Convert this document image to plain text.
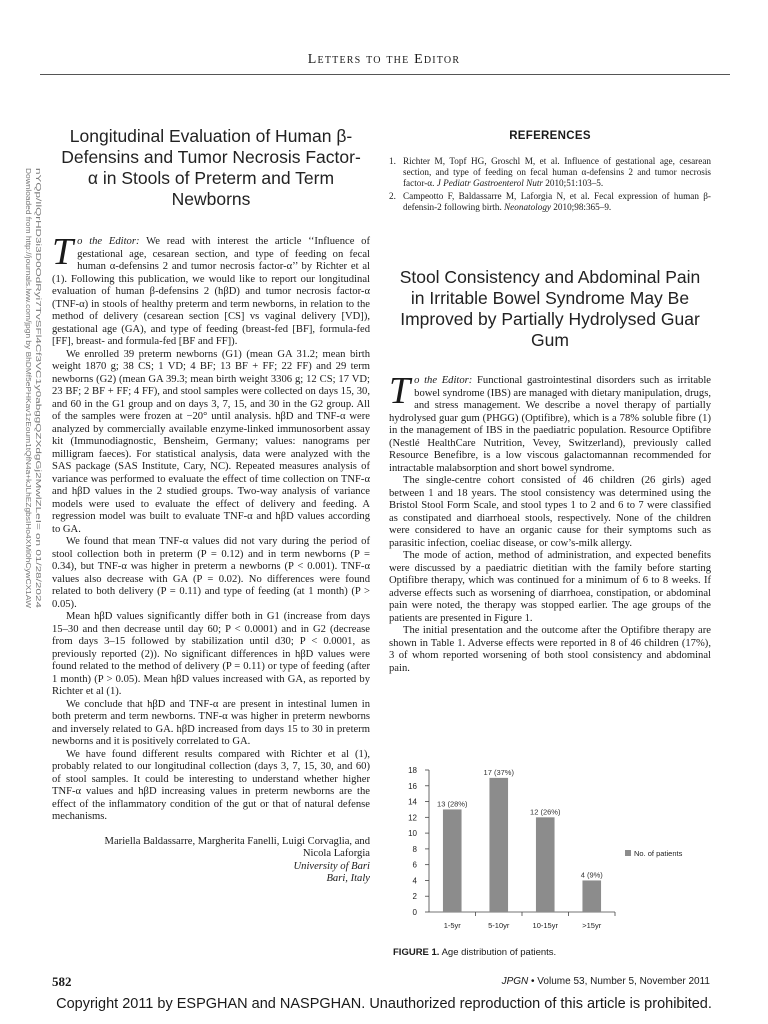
Letters to the Editor
Downloaded from http://journals.lww.com/jpgn by BhDMf5ePHKav1zEoum1tQfN4a+kJLhEZgbsIHo4XMi0hCywCX1AW nYQp/IlQrHD3i3D0OdRyi7TvSFl4Cf3VC1y0abggQZXdgGj2MwlZLeI= on 01/28/2024
Longitudinal Evaluation of Human β-Defensins and Tumor Necrosis Factor-α in Stools of Preterm and Term Newborns

To the Editor: We read with interest the article ‘‘Influence of gestational age, cesarean section, and type of feeding on fecal human α-defensins 2 and tumor necrosis factor-α’’ by Richter et al (1). Following this publication, we would like to report our longitudinal evaluation of human β-defensins 2 (hβD) and tumor necrosis factor-α (TNF-α) in stools of healthy preterm and term newborns, in relation to the method of delivery (cesarean section [CS] vs vaginal delivery [VD]), gestational age (GA), and type of feeding (breast-fed [BF], formula-fed [FF], breast- and formula-fed [BF and FF]).

We enrolled 39 preterm newborns (G1) (mean GA 31.2; mean birth weight 1870 g; 38 CS; 1 VD; 4 BF; 13 BF + FF; 22 FF) and 29 term newborns (G2) (mean GA 39.3; mean birth weight 3306 g; 12 CS; 17 VD; 23 BF; 2 BF + FF; 4 FF), and stool samples were collected on days 15, 30, and 60 in the G1 group and on days 3, 7, 15, and 30 in the G2 group. All of the samples were frozen at −20° until analysis. hβD and TNF-α were analyzed by commercially available enzyme-linked immunosorbent assay kit (Immunodiagnostic, Bensheim, Germany; values: nanograms per milligram faeces). For statistical analysis, data were analyzed with the SAS package (SAS Institute, Cary, NC). Repeated measures analysis of variance was performed to evaluate the effect of time collection on TNF-α and hβD values in the 2 studied groups. Two-way analysis of variance models were used to evaluate the effect of delivery and feeding. A regression model was built to evaluate TNF-α and hβD values according to GA.

We found that mean TNF-α values did not vary during the period of stool collection both in preterm (P = 0.12) and in term newborns (P = 0.34), but TNF-α was higher in preterm a newborns (P < 0.001). TNF-α values also decrease with GA (P = 0.02). No differences were found related to both delivery (P = 0.11) and type of feeding (at 1 month) (P > 0.05).

Mean hβD values significantly differ both in G1 (increase from days 15–30 and then decrease until day 60; P < 0.0001) and in G2 (decrease from days 3–15 followed by stabilization until d30; P < 0.0001, as previously reported (2)). No significant differences in hβD values were found related to the method of delivery (P = 0.11) or type of feeding (after 1 month) (P > 0.05). Mean hβD values increased with GA, as reported by Richter et al (1).

We conclude that hβD and TNF-α are present in intestinal lumen in both preterm and term newborns. TNF-α was higher in preterm newborns and inversely related to GA. hβD increased from days 15 to 30 in preterm newborns and it is positively correlated to GA.

We have found different results compared with Richter et al (1), probably related to our longitudinal collection (days 3, 7, 15, 30, and 60) of stool samples. It could be interesting to understand whether higher TNF-α values and hβD increasing values in preterm newborns are the effect of the inflammatory condition of the gut or that of natural defense mechanisms.

Mariella Baldassarre, Margherita Fanelli, Luigi Corvaglia, and
Nicola Laforgia
University of Bari
Bari, Italy
REFERENCES
1. Richter M, Topf HG, Groschl M, et al. Influence of gestational age, cesarean section, and type of feeding on fecal human α-defensins 2 and tumor necrosis factor-α. J Pediatr Gastroenterol Nutr 2010;51:103–5.
2. Campeotto F, Baldassarre M, Laforgia N, et al. Fecal expression of human β-defensin-2 following birth. Neonatology 2010;98:365–9.
Stool Consistency and Abdominal Pain in Irritable Bowel Syndrome May Be Improved by Partially Hydrolysed Guar Gum

To the Editor: Functional gastrointestinal disorders such as irritable bowel syndrome (IBS) are managed with dietary manipulation, drugs, and stress management. We describe a novel therapy of partially hydrolysed guar gum (PHGG) (Optifibre), which is a 78% soluble fibre (1) in the management of IBS in the paediatric population. Resource Optifibre (Nestlé HealthCare Nutrition, Vevey, Switzerland), previously called Resource Benefibre, is a low viscous galactomannan recommended for intractable malabsorption and short bowel syndrome.

The single-centre cohort consisted of 46 children (26 girls) aged between 1 and 18 years. The stool consistency was determined using the Bristol Stool Form Scale, and stool types 1 to 2 and 6 to 7 were classified as constipated and diarrhoeal stools, respectively. None of the children were considered to have an organic cause for their symptoms such as parasitic infection, coeliac disease, or cow’s-milk allergy.

The mode of action, method of administration, and expected benefits were discussed by a paediatric dietitian with the family before starting Optifibre therapy, which was continued for a minimum of 6 to 8 weeks. If adverse effects such as worsening of diarrhoea, constipation, or abdominal pain were noted, the therapy was stopped earlier. The age groups of the patients are presented in Figure 1.

The initial presentation and the outcome after the Optifibre therapy are shown in Table 1. Adverse effects were reported in 8 of 46 children (17%), 3 of whom reported worsening of both stool consistency and abdominal pain.

0
2
4
6
8
10
12
14
16
18
1-5yr
13 (28%)
5-10yr
17 (37%)
10-15yr
12 (26%)
>15yr
4 (9%)
No. of patients
FIGURE 1. Age distribution of patients.
582	JPGN • Volume 53, Number 5, November 2011
Copyright 2011 by ESPGHAN and NASPGHAN. Unauthorized reproduction of this article is prohibited.
